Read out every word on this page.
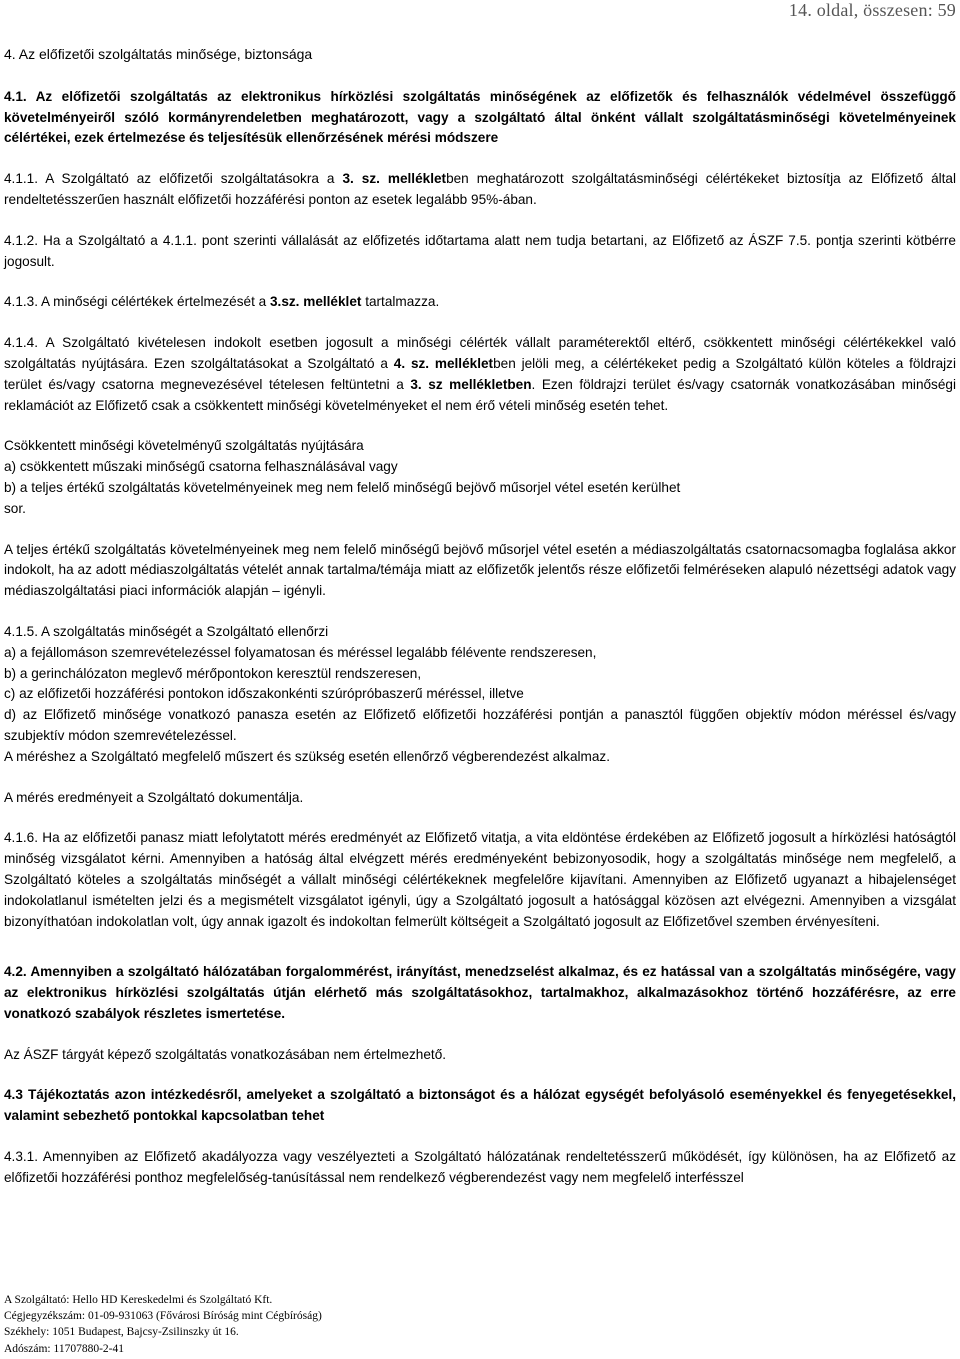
14. oldal, összesen: 59

4. Az előfizetői szolgáltatás minősége, biztonsága

4.1. Az előfizetői szolgáltatás az elektronikus hírközlési szolgáltatás minőségének az előfizetők és felhasználók védelmével összefüggő követelményeiről szóló kormányrendeletben meghatározott, vagy a szolgáltató által önként vállalt szolgáltatásminőségi követelményeinek célértékei, ezek értelmezése és teljesítésük ellenőrzésének mérési módszere

4.1.1. A Szolgáltató az előfizetői szolgáltatásokra a 3. sz. mellékletben meghatározott szolgáltatásminőségi célértékeket biztosítja az Előfizető által rendeltetésszerűen használt előfizetői hozzáférési ponton az esetek legalább 95%-ában.

4.1.2. Ha a Szolgáltató a 4.1.1. pont szerinti vállalását az előfizetés időtartama alatt nem tudja betartani, az Előfizető az ÁSZF 7.5. pontja szerinti kötbérre jogosult.

4.1.3. A minőségi célértékek értelmezését a 3.sz. melléklet tartalmazza.

4.1.4. A Szolgáltató kivételesen indokolt esetben jogosult a minőségi célérték vállalt paraméterektől eltérő, csökkentett minőségi célértékekkel való szolgáltatás nyújtására. Ezen szolgáltatásokat a Szolgáltató a 4. sz. mellékletben jelöli meg, a célértékeket pedig a Szolgáltató külön köteles a földrajzi terület és/vagy csatorna megnevezésével tételesen feltüntetni a 3. sz mellékletben. Ezen földrajzi terület és/vagy csatornák vonatkozásában minőségi reklamációt az Előfizető csak a csökkentett minőségi követelményeket el nem érő vételi minőség esetén tehet.

Csökkentett minőségi követelményű szolgáltatás nyújtására

a) csökkentett műszaki minőségű csatorna felhasználásával vagy

b) a teljes értékű szolgáltatás követelményeinek meg nem felelő minőségű bejövő műsorjel vétel esetén kerülhet sor.

A teljes értékű szolgáltatás követelményeinek meg nem felelő minőségű bejövő műsorjel vétel esetén a médiaszolgáltatás csatornacsomagba foglalása akkor indokolt, ha az adott médiaszolgáltatás vételét annak tartalma/témája miatt az előfizetők jelentős része előfizetői felméréseken alapuló nézettségi adatok vagy médiaszolgáltatási piaci információk alapján – igényli.

4.1.5. A szolgáltatás minőségét a Szolgáltató ellenőrzi

a) a fejállomáson szemrevételezéssel folyamatosan és méréssel legalább félévente rendszeresen,

b) a gerinchálózaton meglevő mérőpontokon keresztül rendszeresen,

c) az előfizetői hozzáférési pontokon időszakonkénti szúrópróbaszerű méréssel, illetve

d) az Előfizető minősége vonatkozó panasza esetén az Előfizető előfizetői hozzáférési pontján a panasztól függően objektív módon méréssel és/vagy szubjektív módon szemrevételezéssel.

A méréshez a Szolgáltató megfelelő műszert és szükség esetén ellenőrző végberendezést alkalmaz.

A mérés eredményeit a Szolgáltató dokumentálja.

4.1.6. Ha az előfizetői panasz miatt lefolytatott mérés eredményét az Előfizető vitatja, a vita eldöntése érdekében az Előfizető jogosult a hírközlési hatóságtól minőség vizsgálatot kérni. Amennyiben a hatóság által elvégzett mérés eredményeként bebizonyosodik, hogy a szolgáltatás minősége nem megfelelő, a Szolgáltató köteles a szolgáltatás minőségét a vállalt minőségi célértékeknek megfelelőre kijavítani. Amennyiben az Előfizető ugyanazt a hibajelenséget indokolatlanul ismételten jelzi és a megismételt vizsgálatot igényli, úgy a Szolgáltató jogosult a hatósággal közösen azt elvégezni. Amennyiben a vizsgálat bizonyíthatóan indokolatlan volt, úgy annak igazolt és indokoltan felmerült költségeit a Szolgáltató jogosult az Előfizetővel szemben érvényesíteni.

4.2. Amennyiben a szolgáltató hálózatában forgalommérést, irányítást, menedzselést alkalmaz, és ez hatással van a szolgáltatás minőségére, vagy az elektronikus hírközlési szolgáltatás útján elérhető más szolgáltatásokhoz, tartalmakhoz, alkalmazásokhoz történő hozzáférésre, az erre vonatkozó szabályok részletes ismertetése.

Az ÁSZF tárgyát képező szolgáltatás vonatkozásában nem értelmezhető.

4.3 Tájékoztatás azon intézkedésről, amelyeket a szolgáltató a biztonságot és a hálózat egységét befolyásoló eseményekkel és fenyegetésekkel, valamint sebezhető pontokkal kapcsolatban tehet

4.3.1. Amennyiben az Előfizető akadályozza vagy veszélyezteti a Szolgáltató hálózatának rendeltetésszerű működését, így különösen, ha az Előfizető az előfizetői hozzáférési ponthoz megfelelőség-tanúsítással nem rendelkező végberendezést vagy nem megfelelő interfésszel

A Szolgáltató: Hello HD Kereskedelmi és Szolgáltató Kft.
Cégjegyzékszám: 01-09-931063 (Fővárosi Bíróság mint Cégbíróság)
Székhely: 1051 Budapest, Bajcsy-Zsilinszky út 16.
Adószám: 11707880-2-41
